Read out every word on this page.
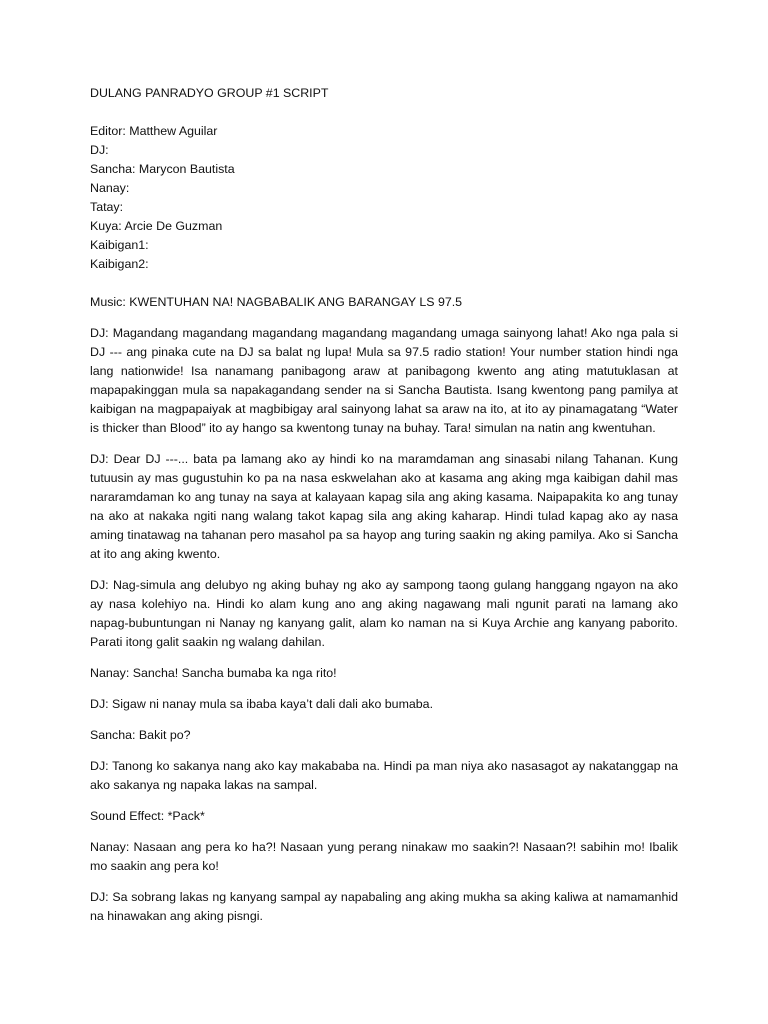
DULANG PANRADYO GROUP #1 SCRIPT

Editor: Matthew Aguilar

DJ:

Sancha: Marycon Bautista

Nanay:

Tatay:

Kuya: Arcie De Guzman

Kaibigan1:

Kaibigan2:

Music: KWENTUHAN NA! NAGBABALIK ANG BARANGAY LS 97.5

DJ: Magandang magandang magandang magandang magandang umaga sainyong lahat! Ako nga pala si DJ --- ang pinaka cute na DJ sa balat ng lupa! Mula sa 97.5 radio station! Your number station hindi nga lang nationwide! Isa nanamang panibagong araw at panibagong kwento ang ating matutuklasan at mapapakinggan mula sa napakagandang sender na si Sancha Bautista. Isang kwentong pang pamilya at kaibigan na magpapaiyak at magbibigay aral sainyong lahat sa araw na ito, at ito ay pinamagatang “Water is thicker than Blood” ito ay hango sa kwentong tunay na buhay. Tara! simulan na natin ang kwentuhan.

DJ: Dear DJ ---... bata pa lamang ako ay hindi ko na maramdaman ang sinasabi nilang Tahanan. Kung tutuusin ay mas gugustuhin ko pa na nasa eskwelahan ako at kasama ang aking mga kaibigan dahil mas nararamdaman ko ang tunay na saya at kalayaan kapag sila ang aking kasama. Naipapakita ko ang tunay na ako at nakaka ngiti nang walang takot kapag sila ang aking kaharap. Hindi tulad kapag ako ay nasa aming tinatawag na tahanan pero masahol pa sa hayop ang turing saakin ng aking pamilya. Ako si Sancha at ito ang aking kwento.

DJ: Nag-simula ang delubyo ng aking buhay ng ako ay sampong taong gulang hanggang ngayon na ako ay nasa kolehiyo na. Hindi ko alam kung ano ang aking nagawang mali ngunit parati na lamang ako napag-bubuntungan ni Nanay ng kanyang galit, alam ko naman na si Kuya Archie ang kanyang paborito. Parati itong galit saakin ng walang dahilan.

Nanay: Sancha! Sancha bumaba ka nga rito!

DJ: Sigaw ni nanay mula sa ibaba kaya’t dali dali ako bumaba.

Sancha: Bakit po?

DJ: Tanong ko sakanya nang ako kay makababa na. Hindi pa man niya ako nasasagot ay nakatanggap na ako sakanya ng napaka lakas na sampal.

Sound Effect: *Pack*

Nanay: Nasaan ang pera ko ha?! Nasaan yung perang ninakaw mo saakin?! Nasaan?! sabihin mo! Ibalik mo saakin ang pera ko!

DJ: Sa sobrang lakas ng kanyang sampal ay napabaling ang aking mukha sa aking kaliwa at namamanhid na hinawakan ang aking pisngi.
